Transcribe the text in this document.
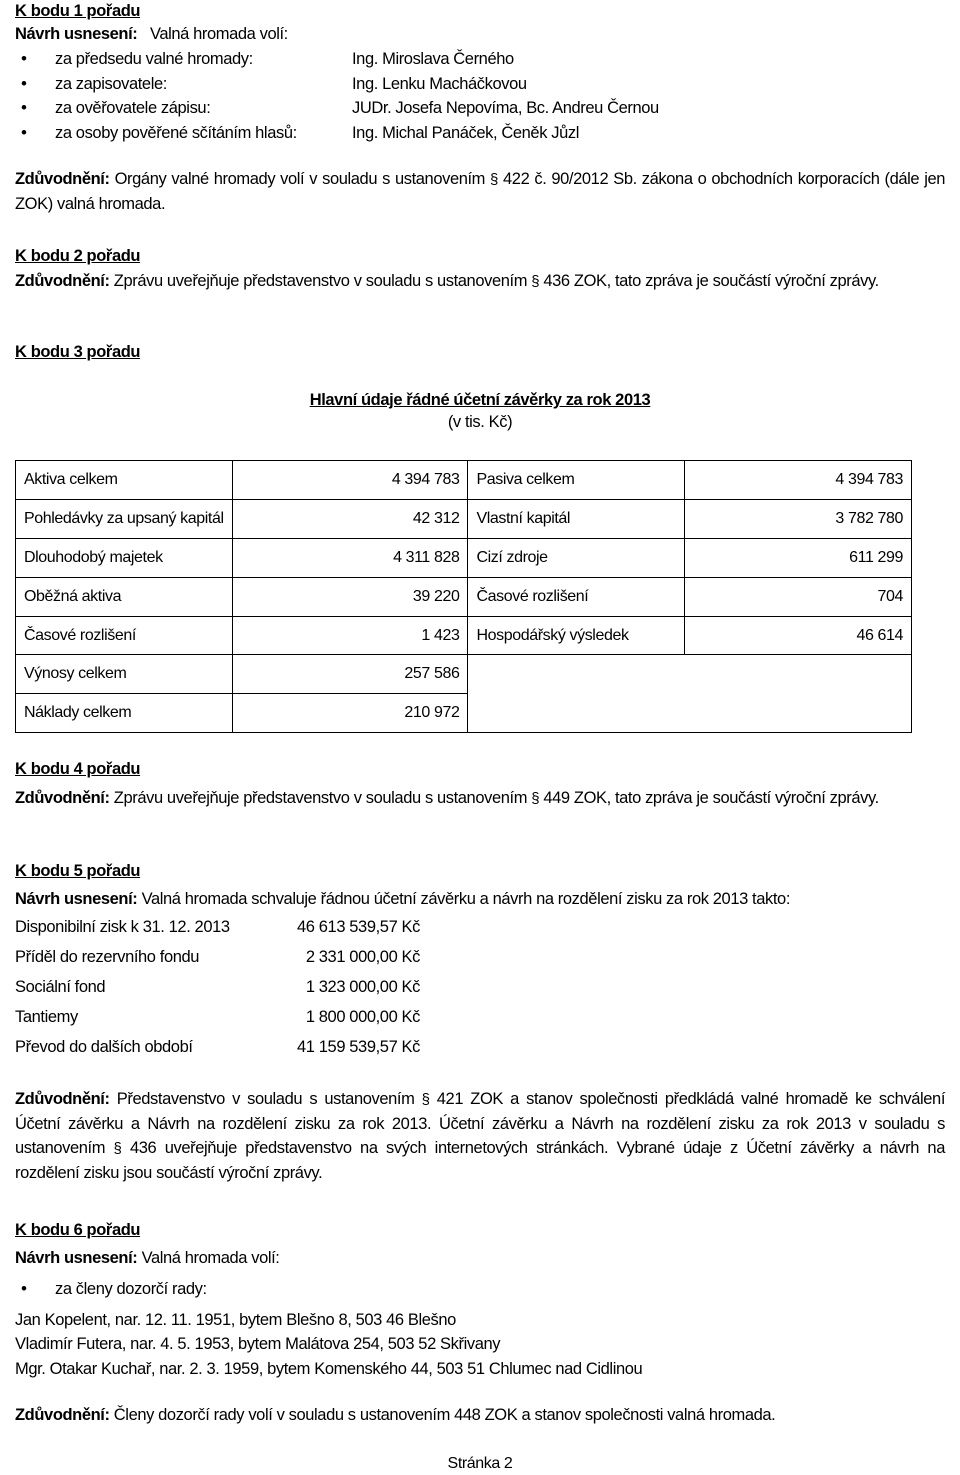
K bodu 1 pořadu

Návrh usnesení: Valná hromada volí:

• za předsedu valné hromady:	Ing. Miroslava Černého
• za zapisovatele:	Ing. Lenku Macháčkovou
• za ověřovatele zápisu:	JUDr. Josefa Nepovíma, Bc. Andreu Černou
• za osoby pověřené sčítáním hlasů:	Ing. Michal Panáček, Čeněk Jůzl

Zdůvodnění: Orgány valné hromady volí v souladu s ustanovením § 422 č. 90/2012 Sb. zákona o obchodních korporacích (dále jen ZOK) valná hromada.

K bodu 2 pořadu

Zdůvodnění: Zprávu uveřejňuje představenstvo v souladu s ustanovením § 436 ZOK, tato zpráva je součástí výroční zprávy.

K bodu 3 pořadu
Hlavní údaje řádné účetní závěrky za rok 2013
(v tis. Kč)
Aktiva celkem	4 394 783	Pasiva celkem	4 394 783
Pohledávky za upsaný kapitál	42 312	Vlastní kapitál	3 782 780
Dlouhodobý majetek	4 311 828	Cizí zdroje	611 299
Oběžná aktiva	39 220	Časové rozlišení	704
Časové rozlišení	1 423	Hospodářský výsledek	46 614
Výnosy celkem	257 586		
Náklady celkem	210 972		
K bodu 4 pořadu

Zdůvodnění: Zprávu uveřejňuje představenstvo v souladu s ustanovením § 449 ZOK, tato zpráva je součástí výroční zprávy.

K bodu 5 pořadu

Návrh usnesení: Valná hromada schvaluje řádnou účetní závěrku a návrh na rozdělení zisku za rok 2013 takto:

Disponibilní zisk k 31. 12. 2013	46 613 539,57 Kč
Příděl do rezervního fondu	2 331 000,00 Kč
Sociální fond	1 323 000,00 Kč
Tantiemy	1 800 000,00 Kč
Převod do dalších období	41 159 539,57 Kč

Zdůvodnění: Představenstvo v souladu s ustanovením § 421 ZOK a stanov společnosti předkládá valné hromadě ke schválení Účetní závěrku a Návrh na rozdělení zisku za rok 2013. Účetní závěrku a Návrh na rozdělení zisku za rok 2013 v souladu s ustanovením § 436 uveřejňuje představenstvo na svých internetových stránkách. Vybrané údaje z Účetní závěrky a návrh na rozdělení zisku jsou součástí výroční zprávy.

K bodu 6 pořadu

Návrh usnesení: Valná hromada volí:

• za členy dozorčí rady:
Jan Kopelent, nar. 12. 11. 1951, bytem Blešno 8, 503 46 Blešno
Vladimír Futera, nar. 4. 5. 1953, bytem Malátova 254, 503 52 Skřivany
Mgr. Otakar Kuchař, nar. 2. 3. 1959, bytem Komenského 44, 503 51 Chlumec nad Cidlinou

Zdůvodnění: Členy dozorčí rady volí v souladu s ustanovením 448 ZOK a stanov společnosti valná hromada.

Stránka 2
